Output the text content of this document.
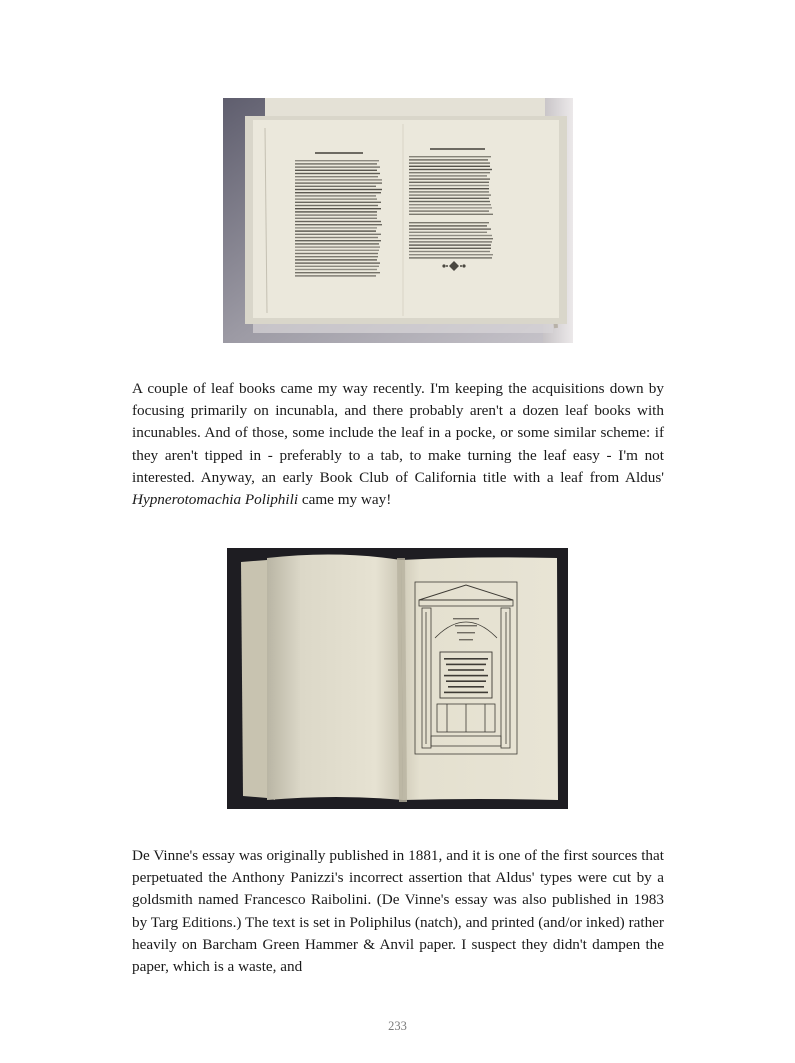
A couple of leaf books came my way recently. I'm keeping the acquisitions down by focusing primarily on incunabla, and there probably aren't a dozen leaf books with incunables. And of those, some include the leaf in a pocke, or some similar scheme: if they aren't tipped in - preferably to a tab, to make turning the leaf easy - I'm not interested. Anyway, an early Book Club of California title with a leaf from Aldus' Hypnerotomachia Poliphili came my way!

De Vinne's essay was originally published in 1881, and it is one of the first sources that perpetuated the Anthony Panizzi's incorrect assertion that Aldus' types were cut by a goldsmith named Francesco Raibolini. (De Vinne's essay was also published in 1983 by Targ Editions.) The text is set in Poliphilus (natch), and printed (and/or inked) rather heavily on Barcham Green Hammer & Anvil paper. I suspect they didn't dampen the paper, which is a waste, and

233
